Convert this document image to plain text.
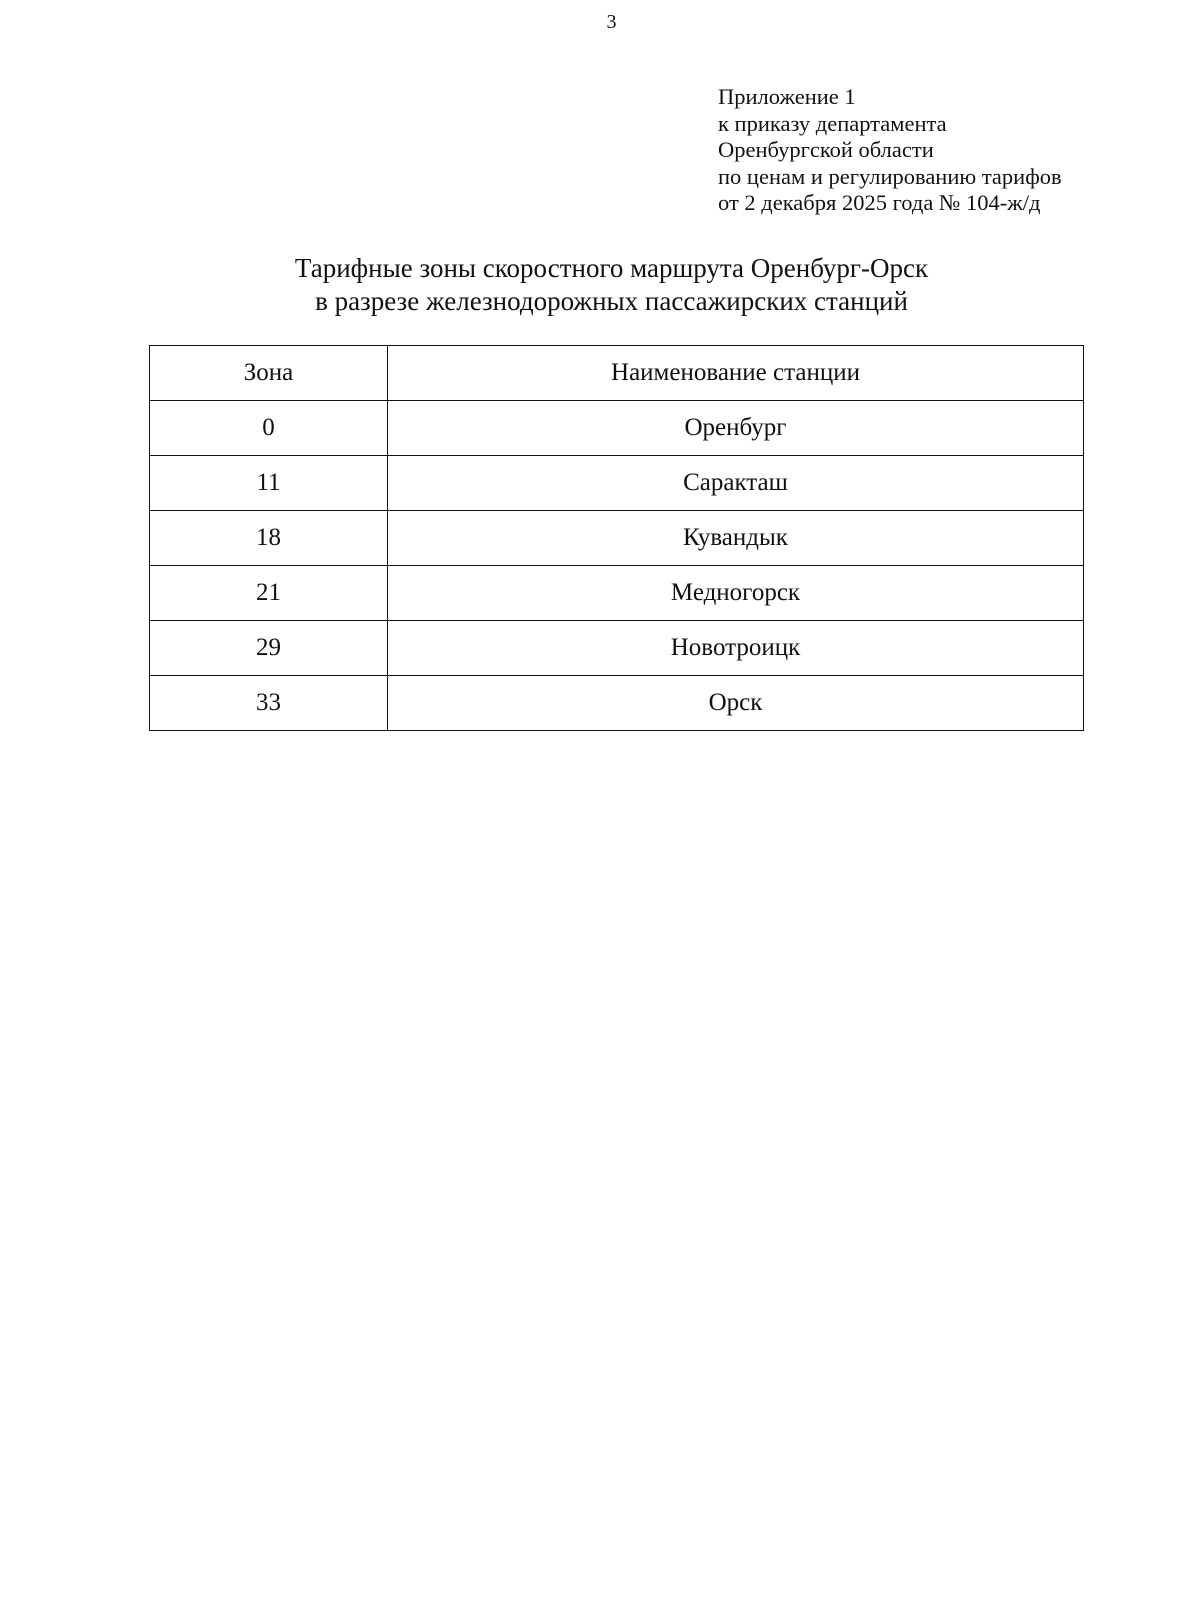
3
Приложение 1
к приказу департамента
Оренбургской области
по ценам и регулированию тарифов
от 2 декабря 2025 года № 104-ж/д
Тарифные зоны скоростного маршрута Оренбург-Орск
в разрезе железнодорожных пассажирских станций
Зона	Наименование станции
0	Оренбург
11	Саракташ
18	Кувандык
21	Медногорск
29	Новотроицк
33	Орск
